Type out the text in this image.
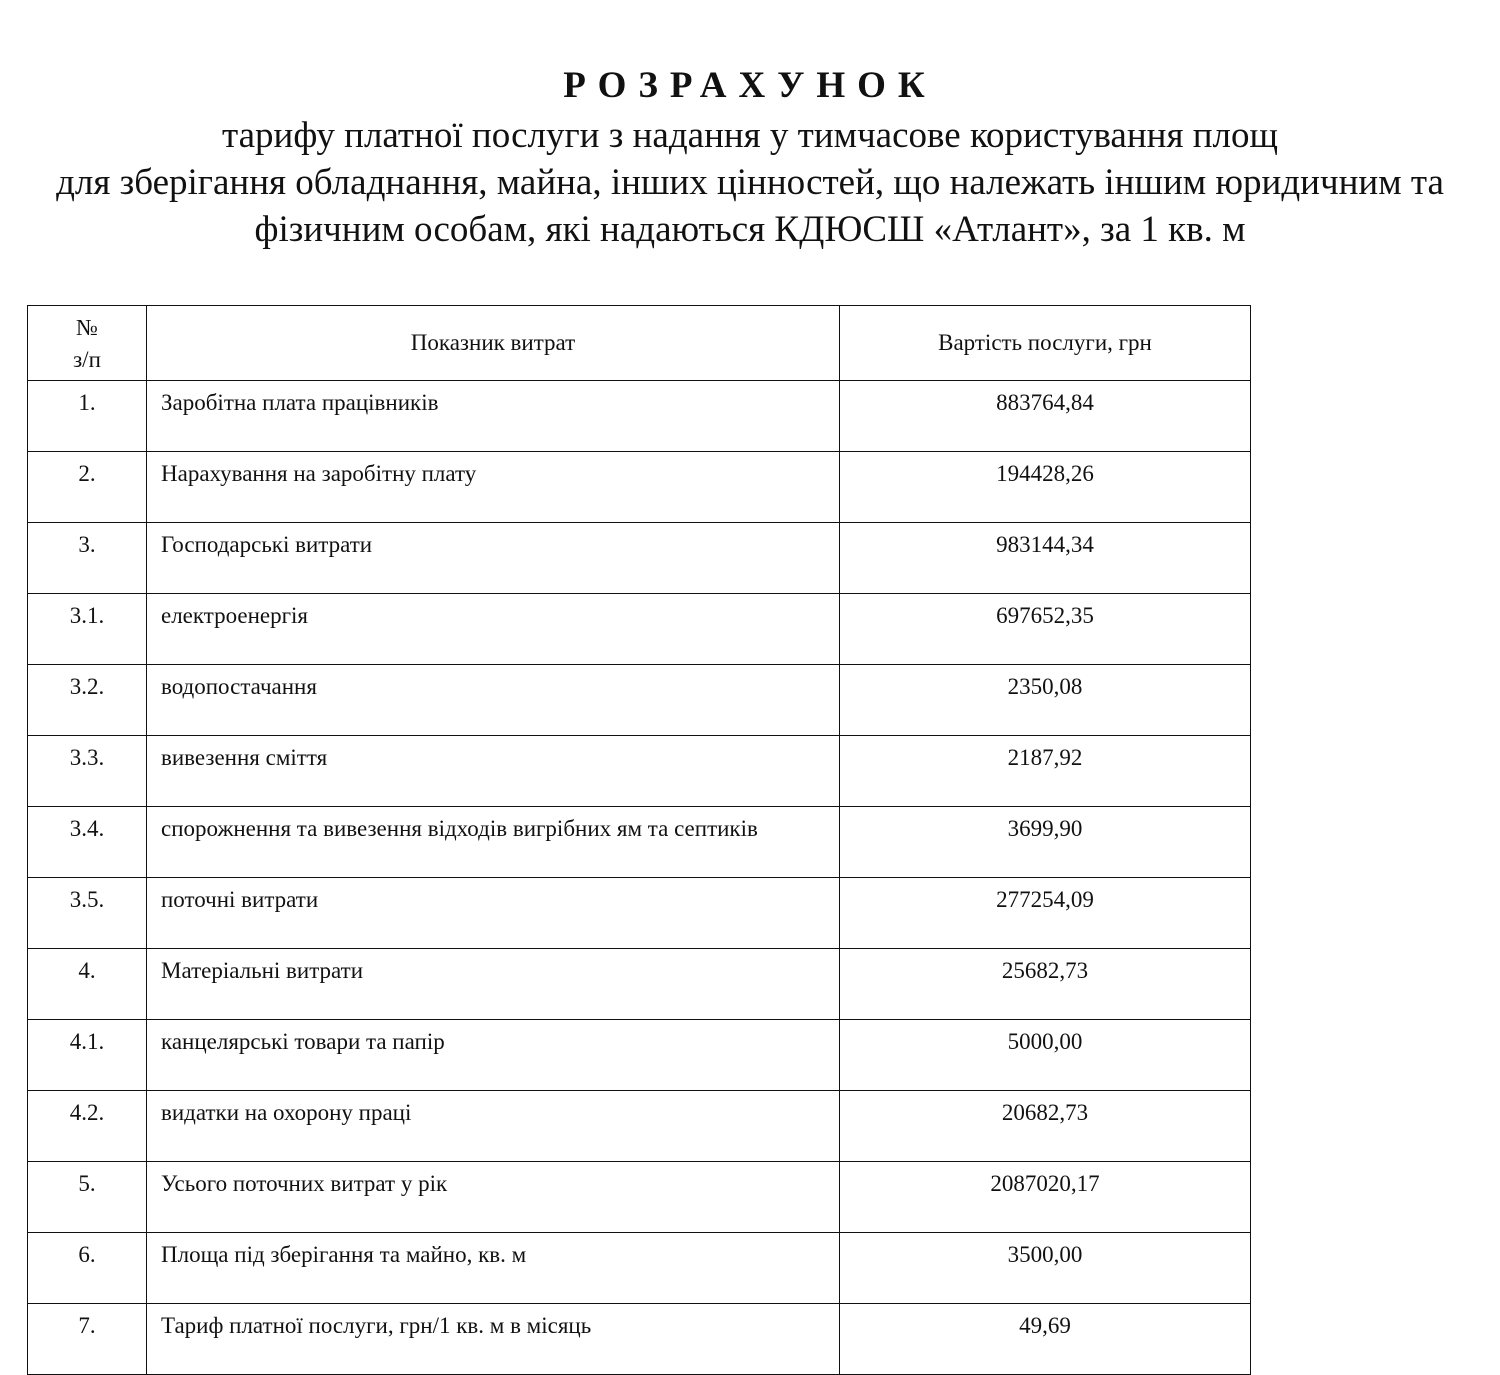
РОЗРАХУНОК

тарифу платної послуги з надання у тимчасове користування площ

для зберігання обладнання, майна, інших цінностей, що належать іншим юридичним та

фізичним особам, які надаються КДЮСШ «Атлант», за 1 кв. м

№
з/п	Показник витрат	Вартість послуги, грн
1.	Заробітна плата працівників	883764,84
2.	Нарахування на заробітну плату	194428,26
3.	Господарські витрати	983144,34
3.1.	електроенергія	697652,35
3.2.	водопостачання	2350,08
3.3.	вивезення сміття	2187,92
3.4.	спорожнення та вивезення відходів вигрібних ям та септиків	3699,90
3.5.	поточні витрати	277254,09
4.	Матеріальні витрати	25682,73
4.1.	канцелярські товари та папір	5000,00
4.2.	видатки на охорону праці	20682,73
5.	Усього поточних витрат у рік	2087020,17
6.	Площа під зберігання та майно, кв. м	3500,00
7.	Тариф платної послуги, грн/1 кв. м в місяць	49,69
